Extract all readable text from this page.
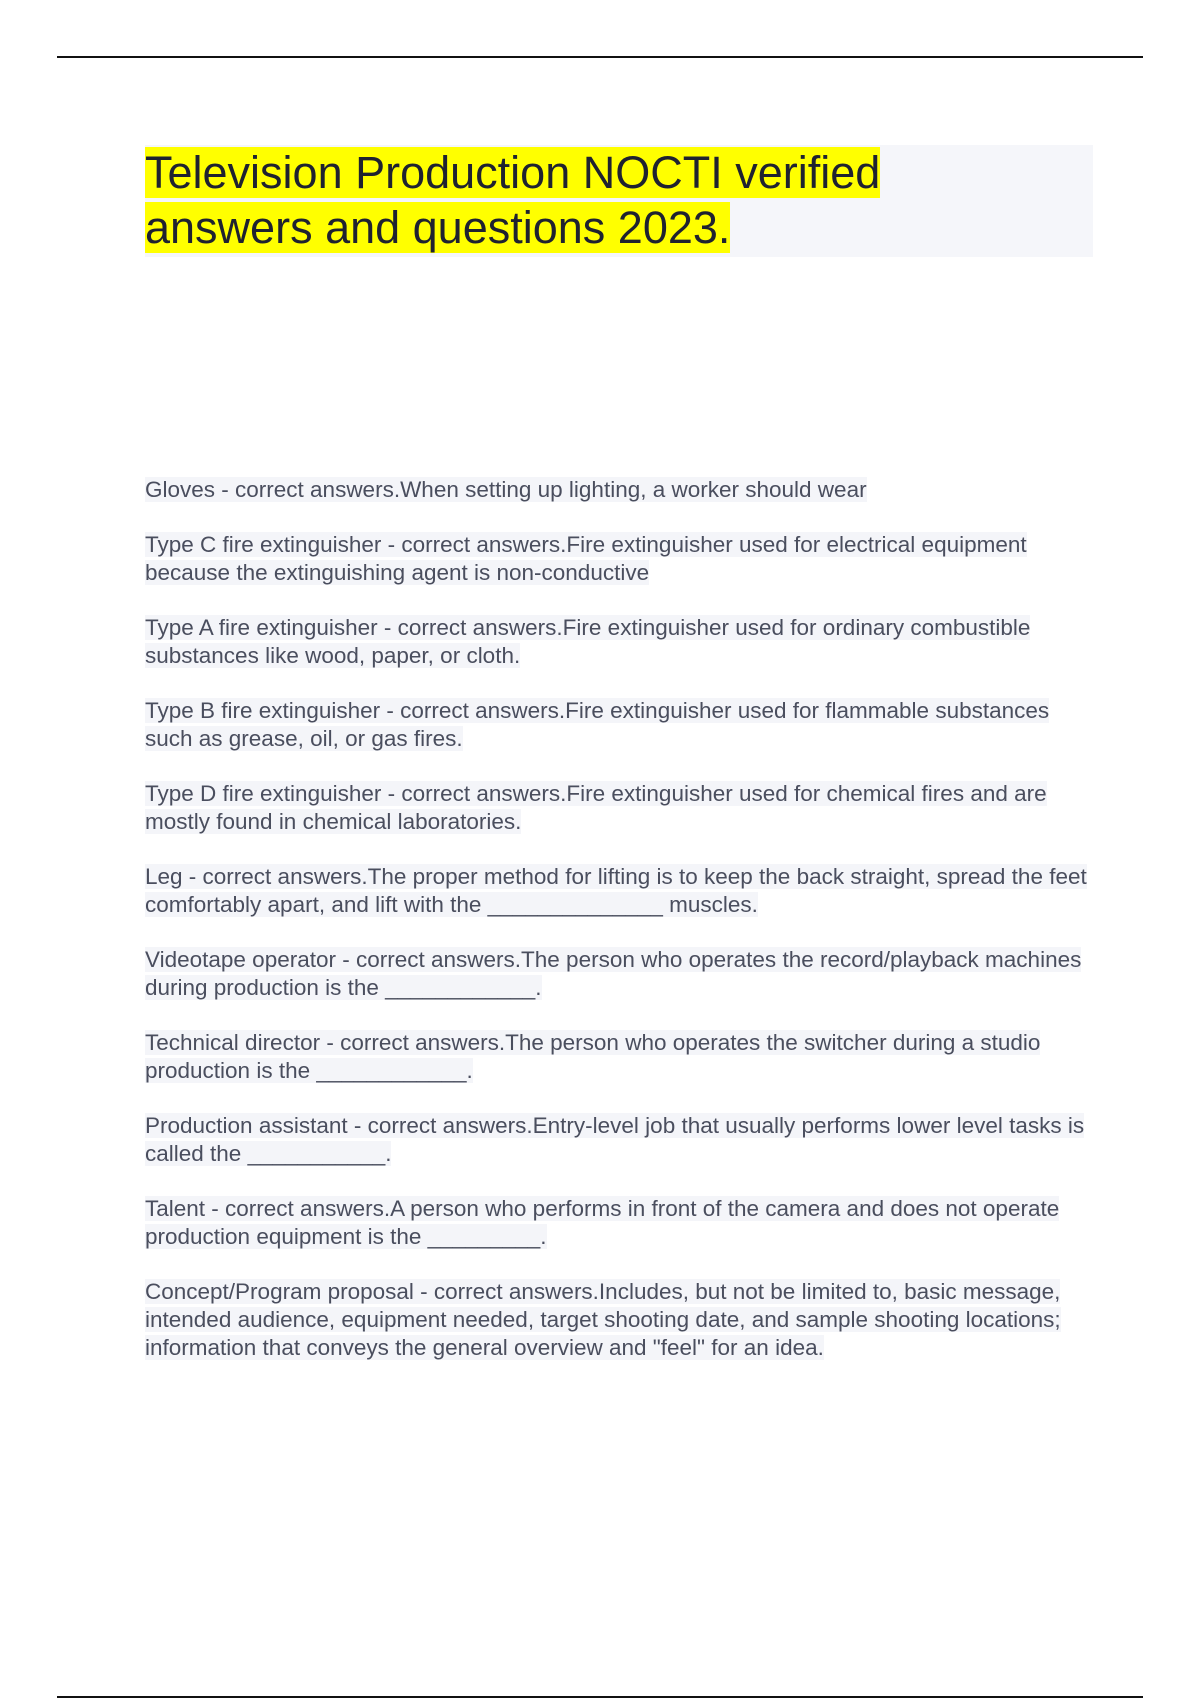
Television Production NOCTI verified
answers and questions 2023.
Gloves - correct answers.When setting up lighting, a worker should wear
Type C fire extinguisher - correct answers.Fire extinguisher used for electrical equipment because the extinguishing agent is non-conductive
Type A fire extinguisher - correct answers.Fire extinguisher used for ordinary combustible substances like wood, paper, or cloth.
Type B fire extinguisher - correct answers.Fire extinguisher used for flammable substances such as grease, oil, or gas fires.
Type D fire extinguisher - correct answers.Fire extinguisher used for chemical fires and are mostly found in chemical laboratories.
Leg - correct answers.The proper method for lifting is to keep the back straight, spread the feet comfortably apart, and lift with the ______________ muscles.
Videotape operator - correct answers.The person who operates the record/playback machines during production is the ____________.
Technical director - correct answers.The person who operates the switcher during a studio production is the ____________.
Production assistant - correct answers.Entry-level job that usually performs lower level tasks is called the ___________.
Talent - correct answers.A person who performs in front of the camera and does not operate production equipment is the _________.
Concept/Program proposal - correct answers.Includes, but not be limited to, basic message, intended audience, equipment needed, target shooting date, and sample shooting locations; information that conveys the general overview and "feel" for an idea.
